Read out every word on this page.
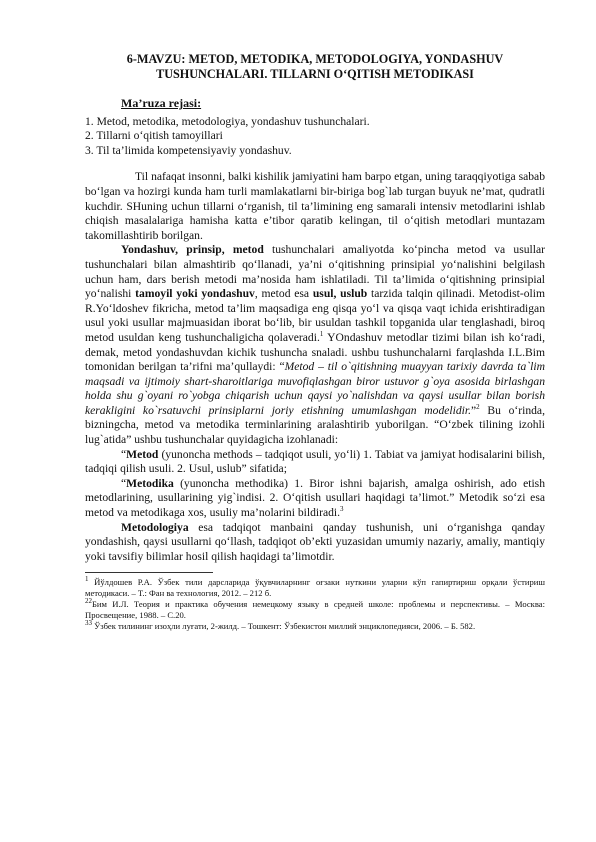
6-MAVZU: METOD, METODIKA, METODOLOGIYA, YONDASHUV
TUSHUNCHALARI. TILLARNI O‘QITISH METODIKASI
Ma’ruza rejasi:
1. Metod, metodika, metodologiya, yondashuv tushunchalari.
2. Tillarni o‘qitish tamoyillari
3. Til ta’limida kompetensiyaviy yondashuv.

Til nafaqat insonni, balki kishilik jamiyatini ham barpo etgan, uning taraqqiyotiga sabab bo‘lgan va hozirgi kunda ham turli mamlakatlarni bir-biriga bog`lab turgan buyuk ne’mat, qudratli kuchdir. SHuning uchun tillarni o‘rganish, til ta’limining eng samarali intensiv metodlarini ishlab chiqish masalalariga hamisha katta e’tibor qaratib kelingan, til o‘qitish metodlari muntazam takomillashtirib borilgan.

Yondashuv, prinsip, metod tushunchalari amaliyotda ko‘pincha metod va usullar tushunchalari bilan almashtirib qo‘llanadi, ya’ni o‘qitishning prinsipial yo‘nalishini belgilash uchun ham, dars berish metodi ma’nosida ham ishlatiladi. Til ta’limida o‘qitishning prinsipial yo‘nalishi tamoyil yoki yondashuv, metod esa usul, uslub tarzida talqin qilinadi. Metodist-olim R.Yo‘ldoshev fikricha, metod ta’lim maqsadiga eng qisqa yo‘l va qisqa vaqt ichida erishtiradigan usul yoki usullar majmuasidan iborat bo‘lib, bir usuldan tashkil topganida ular tenglashadi, biroq metod usuldan keng tushunchaligicha qolaveradi.$^1$ YOndashuv metodlar tizimi bilan ish ko‘radi, demak, metod yondashuvdan kichik tushuncha snaladi. ushbu tushunchalarni farqlashda I.L.Bim tomonidan berilgan ta’rifni ma’qullaydi: “Metod – til o`qitishning muayyan tarixiy davrda ta`lim maqsadi va ijtimoiy shart-sharoitlariga muvofiqlashgan biror ustuvor g`oya asosida birlashgan holda shu g`oyani ro`yobga chiqarish uchun qaysi yo`nalishdan va qaysi usullar bilan borish kerakligini ko`rsatuvchi prinsiplarni joriy etishning umumlashgan modelidir.”$^2$ Bu o‘rinda, bizningcha, metod va metodika terminlarining aralashtirib yuborilgan. “O‘zbek tilining izohli lug`atida” ushbu tushunchalar quyidagicha izohlanadi:

“Metod (yunoncha methods – tadqiqot usuli, yo‘li) 1. Tabiat va jamiyat hodisalarini bilish, tadqiqi qilish usuli. 2. Usul, uslub” sifatida;

“Metodika (yunoncha methodika) 1. Biror ishni bajarish, amalga oshirish, ado etish metodlarining, usullarining yig`indisi. 2. O‘qitish usullari haqidagi ta’limot.” Metodik so‘zi esa metod va metodikaga xos, usuliy ma’nolarini bildiradi.$^3$

Metodologiya esa tadqiqot manbaini qanday tushunish, uni o‘rganishga qanday yondashish, qaysi usullarni qo‘llash, tadqiqot ob’ekti yuzasidan umumiy nazariy, amaliy, mantiqiy yoki tavsifiy bilimlar hosil qilish haqidagi ta’limotdir.

$^1$ Йўлдошев Р.А. Ўзбек тили дарсларида ўқувчиларнинг оғзаки нуткини уларни кўп гапиртириш орқали ўстириш методикаси. – Т.: Фан ва технология, 2012. – 212 б.

$^{22}$Бим И.Л. Теория и практика обучения немецкому языку в средней школе: проблемы и перспективы. – Москва: Просвещение, 1988. – С.20.

$^{33}$ Ўзбек тилининг изоҳли луғати, 2-жилд. – Тошкент: Ўзбекистон миллий энциклопедияси, 2006. – Б. 582.
